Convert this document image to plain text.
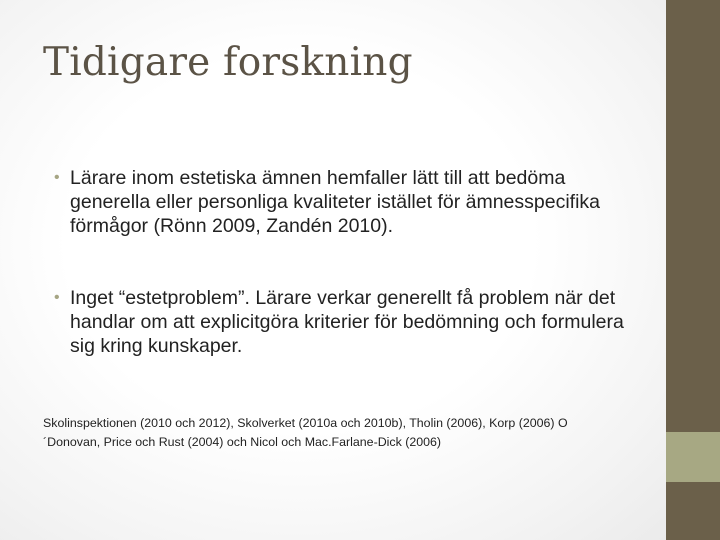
Tidigare forskning
• Lärare inom estetiska ämnen hemfaller lätt till att bedöma generella eller personliga kvaliteter istället för ämnesspecifika förmågor (Rönn 2009, Zandén 2010).
• Inget “estetproblem”. Lärare verkar generellt få problem när det handlar om att explicitgöra kriterier för bedömning och formulera sig kring kunskaper.

Skolinspektionen (2010 och 2012), Skolverket (2010a och 2010b), Tholin (2006), Korp (2006) O´Donovan, Price och Rust (2004) och Nicol och Mac.Farlane-Dick (2006)
